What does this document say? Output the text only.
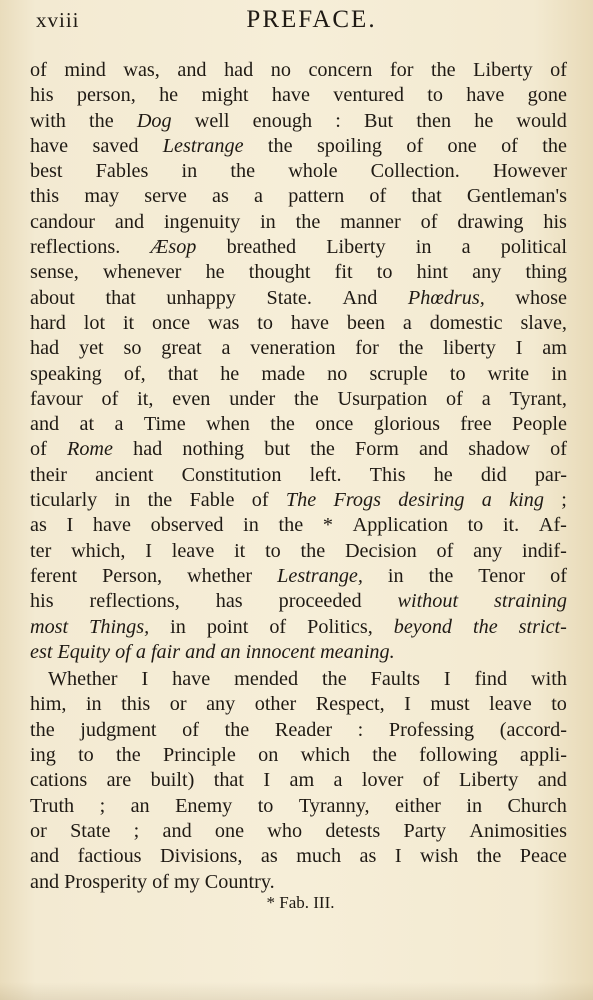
xviii	PREFACE.
of mind was, and had no concern for the Liberty of
his person, he might have ventured to have gone
with the Dog well enough : But then he would
have saved Lestrange the spoiling of one of the
best Fables in the whole Collection. However
this may serve as a pattern of that Gentleman's
candour and ingenuity in the manner of drawing his
reflections. Æsop breathed Liberty in a political
sense, whenever he thought fit to hint any thing
about that unhappy State. And Phœdrus, whose
hard lot it once was to have been a domestic slave,
had yet so great a veneration for the liberty I am
speaking of, that he made no scruple to write in
favour of it, even under the Usurpation of a Tyrant,
and at a Time when the once glorious free People
of Rome had nothing but the Form and shadow of
their ancient Constitution left. This he did par-
ticularly in the Fable of The Frogs desiring a king ;
as I have observed in the * Application to it. Af-
ter which, I leave it to the Decision of any indif-
ferent Person, whether Lestrange, in the Tenor of
his reflections, has proceeded without straining
most Things, in point of Politics, beyond the strict-
est Equity of a fair and an innocent meaning.
Whether I have mended the Faults I find with
him, in this or any other Respect, I must leave to
the judgment of the Reader : Professing (accord-
ing to the Principle on which the following appli-
cations are built) that I am a lover of Liberty and
Truth ; an Enemy to Tyranny, either in Church
or State ; and one who detests Party Animosities
and factious Divisions, as much as I wish the Peace
and Prosperity of my Country.
* Fab. III.
